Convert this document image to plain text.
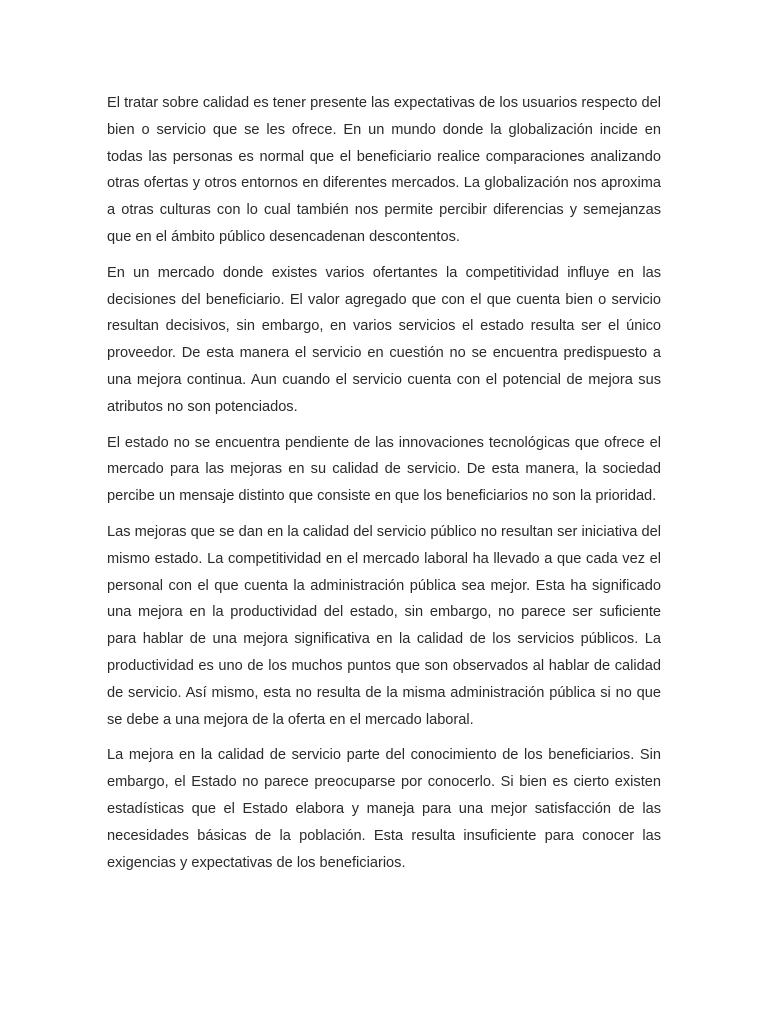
El tratar sobre calidad es tener presente las expectativas de los usuarios respecto del bien o servicio que se les ofrece. En un mundo donde la globalización incide en todas las personas es normal que el beneficiario realice comparaciones analizando otras ofertas y otros entornos en diferentes mercados. La globalización nos aproxima a otras culturas con lo cual también nos permite percibir diferencias y semejanzas que en el ámbito público desencadenan descontentos.

En un mercado donde existes varios ofertantes la competitividad influye en las decisiones del beneficiario. El valor agregado que con el que cuenta bien o servicio resultan decisivos, sin embargo, en varios servicios el estado resulta ser el único proveedor. De esta manera el servicio en cuestión no se encuentra predispuesto a una mejora continua. Aun cuando el servicio cuenta con el potencial de mejora sus atributos no son potenciados.

El estado no se encuentra pendiente de las innovaciones tecnológicas que ofrece el mercado para las mejoras en su calidad de servicio. De esta manera, la sociedad percibe un mensaje distinto que consiste en que los beneficiarios no son la prioridad.

Las mejoras que se dan en la calidad del servicio público no resultan ser iniciativa del mismo estado. La competitividad en el mercado laboral ha llevado a que cada vez el personal con el que cuenta la administración pública sea mejor. Esta ha significado una mejora en la productividad del estado, sin embargo, no parece ser suficiente para hablar de una mejora significativa en la calidad de los servicios públicos. La productividad es uno de los muchos puntos que son observados al hablar de calidad de servicio. Así mismo, esta no resulta de la misma administración pública si no que se debe a una mejora de la oferta en el mercado laboral.

La mejora en la calidad de servicio parte del conocimiento de los beneficiarios. Sin embargo, el Estado no parece preocuparse por conocerlo. Si bien es cierto existen estadísticas que el Estado elabora y maneja para una mejor satisfacción de las necesidades básicas de la población. Esta resulta insuficiente para conocer las exigencias y expectativas de los beneficiarios.
